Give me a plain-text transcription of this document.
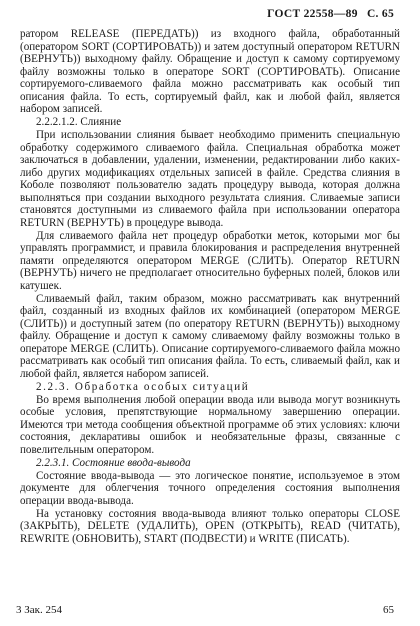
ГОСТ 22558—89 С. 65

ратором RELEASE (ПЕРЕДАТЬ)) из входного файла, обработанный (оператором SORT (СОРТИРОВАТЬ)) и затем доступный оператором RETURN (ВЕРНУТЬ)) выходному файлу. Обращение и доступ к самому сортируемому файлу возможны только в операторе SORT (СОРТИРОВАТЬ). Описание сортируемого-сливаемого файла можно рассматривать как особый тип описания файла. То есть, сортируемый файл, как и любой файл, является набором записей.

2.2.2.1.2. Слияние

При использовании слияния бывает необходимо применить специальную обработку содержимого сливаемого файла. Специальная обработка может заключаться в добавлении, удалении, изменении, редактировании либо каких-либо других модификациях отдельных записей в файле. Средства слияния в Коболе позволяют пользователю задать процедуру вывода, которая должна выполняться при создании выходного результата слияния. Сливаемые записи становятся доступными из сливаемого файла при использовании оператора RETURN (ВЕРНУТЬ) в процедуре вывода.

Для сливаемого файла нет процедур обработки меток, которыми мог бы управлять программист, и правила блокирования и распределения внутренней памяти определяются оператором MERGE (СЛИТЬ). Оператор RETURN (ВЕРНУТЬ) ничего не предполагает относительно буферных полей, блоков или катушек.

Сливаемый файл, таким образом, можно рассматривать как внутренний файл, созданный из входных файлов их комбинацией (оператором MERGE (СЛИТЬ)) и доступный затем (по оператору RETURN (ВЕРНУТЬ)) выходному файлу. Обращение и доступ к самому сливаемому файлу возможны только в операторе MERGE (СЛИТЬ). Описание сортируемого-сливаемого файла можно рассматривать как особый тип описания файла. То есть, сливаемый файл, как и любой файл, является набором записей.

2.2.3. Обработка особых ситуаций

Во время выполнения любой операции ввода или вывода могут возникнуть особые условия, препятствующие нормальному завершению операции. Имеются три метода сообщения объектной программе об этих условиях: ключи состояния, декларативы ошибок и необязательные фразы, связанные с повелительным оператором.

2.2.3.1. Состояние ввода-вывода

Состояние ввода-вывода — это логическое понятие, используемое в этом документе для облегчения точного определения состояния выполнения операции ввода-вывода.

На установку состояния ввода-вывода влияют только операторы CLOSE (ЗАКРЫТЬ), DELETE (УДАЛИТЬ), OPEN (ОТКРЫТЬ), READ (ЧИТАТЬ), REWRITE (ОБНОВИТЬ), START (ПОДВЕСТИ) и WRITE (ПИСАТЬ).

3 Зак. 254	65
